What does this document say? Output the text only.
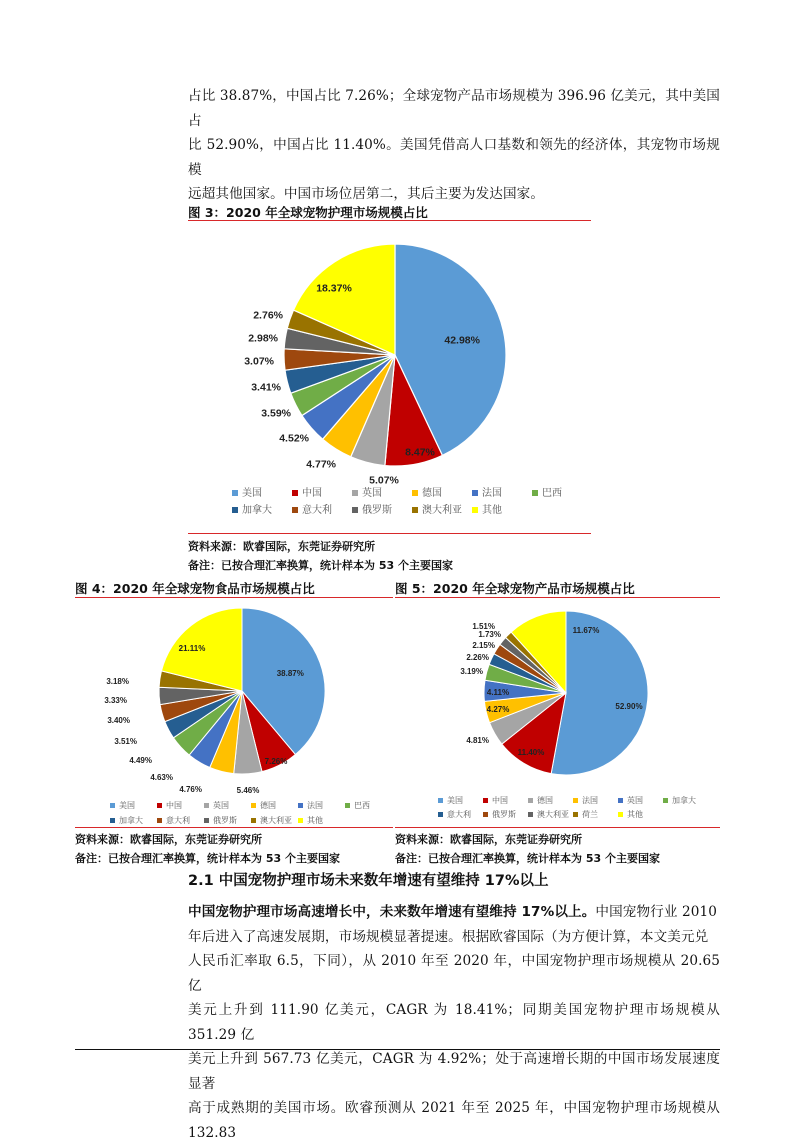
占比 38.87%，中国占比 7.26%；全球宠物产品市场规模为 396.96 亿美元，其中美国占

比 52.90%，中国占比 11.40%。美国凭借高人口基数和领先的经济体，其宠物市场规模

远超其他国家。中国市场位居第二，其后主要为发达国家。

图 3：2020 年全球宠物护理市场规模占比
42.98%
8.47%
5.07%
4.77%
4.52%
3.59%
3.41%
3.07%
2.98%
2.76%
18.37%
美国	中国	英国	德国	法国	巴西
加拿大	意大利	俄罗斯	澳大利亚 其他
资料来源：欧睿国际，东莞证券研究所
备注：已按合理汇率换算，统计样本为 53 个主要国家
图 4：2020 年全球宠物食品市场规模占比
38.87%
7.26%
5.46%
4.76%
4.63%
4.49%
3.51%
3.40%
3.33%
3.18%
21.11%
美国	中国	英国	德国	法国	巴西
加拿大	意大利	俄罗斯	澳大利亚 其他
资料来源：欧睿国际，东莞证券研究所
备注：已按合理汇率换算，统计样本为 53 个主要国家
图 5：2020 年全球宠物产品市场规模占比
52.90%
11.40%
4.81%
4.27%
4.11%
3.19%
2.26%
2.15%
1.73%
1.51%	11.67%
美国	中国	德国	法国	英国	加拿大
意大利	俄罗斯	澳大利亚 荷兰	其他
资料来源：欧睿国际，东莞证券研究所
备注：已按合理汇率换算，统计样本为 53 个主要国家
2.1 中国宠物护理市场未来数年增速有望维持 17%以上

中国宠物护理市场高速增长中，未来数年增速有望维持 17%以上。中国宠物行业 2010

年后进入了高速发展期，市场规模显著提速。根据欧睿国际（为方便计算，本文美元兑

人民币汇率取 6.5，下同），从 2010 年至 2020 年，中国宠物护理市场规模从 20.65 亿

美元上升到 111.90 亿美元，CAGR 为 18.41%；同期美国宠物护理市场规模从 351.29 亿

美元上升到 567.73 亿美元，CAGR 为 4.92%；处于高速增长期的中国市场发展速度显著

高于成熟期的美国市场。欧睿预测从 2021 年至 2025 年，中国宠物护理市场规模从 132.83
